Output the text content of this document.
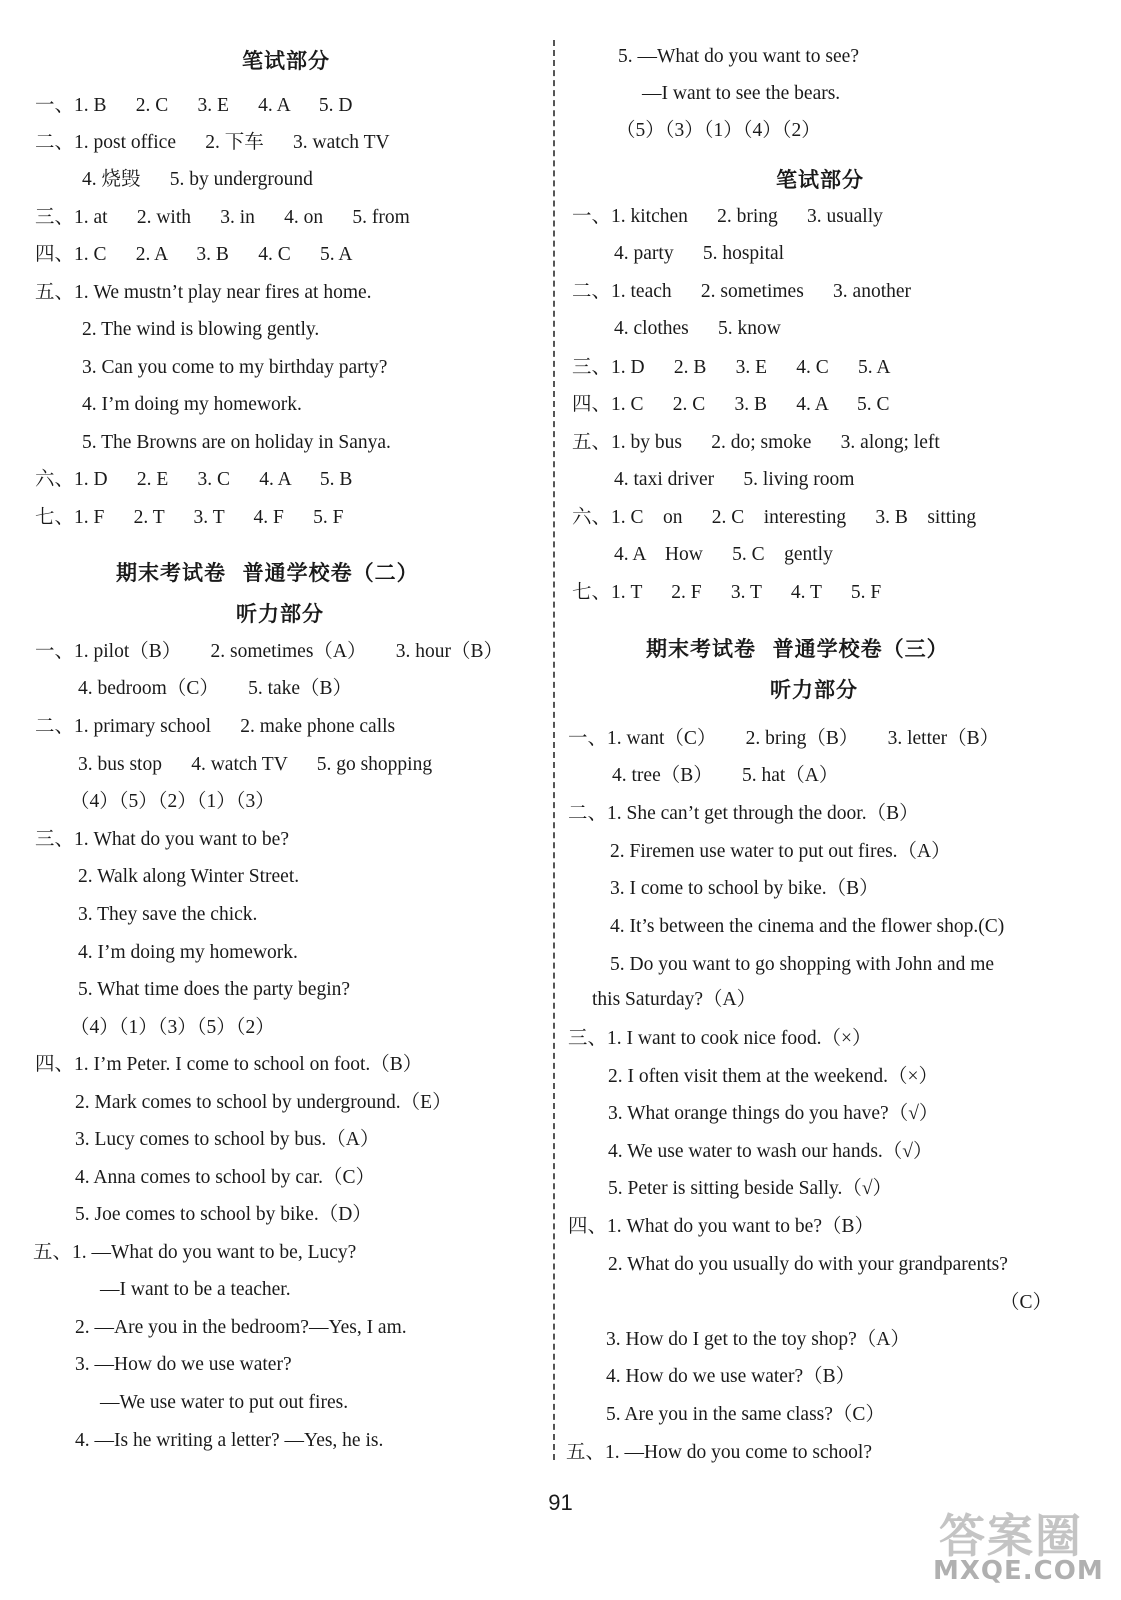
笔试部分
一、1. B      2. C      3. E      4. A      5. D
二、1. post office      2. 下车      3. watch TV
4. 烧毁      5. by underground
三、1. at      2. with      3. in      4. on      5. from
四、1. C      2. A      3. B      4. C      5. A
五、1. We mustn’t play near fires at home.
2. The wind is blowing gently.
3. Can you come to my birthday party?
4. I’m doing my homework.
5. The Browns are on holiday in Sanya.
六、1. D      2. E      3. C      4. A      5. B
七、1. F      2. T      3. T      4. F      5. F
期末考试卷  普通学校卷（二）
听力部分
一、1. pilot（B）      2. sometimes（A）      3. hour（B）
4. bedroom（C）      5. take（B）
二、1. primary school      2. make phone calls
3. bus stop      4. watch TV      5. go shopping
（4）（5）（2）（1）（3）
三、1. What do you want to be?
2. Walk along Winter Street.
3. They save the chick.
4. I’m doing my homework.
5. What time does the party begin?
（4）（1）（3）（5）（2）
四、1. I’m Peter. I come to school on foot.（B）
2. Mark comes to school by underground.（E）
3. Lucy comes to school by bus.（A）
4. Anna comes to school by car.（C）
5. Joe comes to school by bike.（D）
五、1. —What do you want to be, Lucy?
—I want to be a teacher.
2. —Are you in the bedroom?—Yes, I am.
3. —How do we use water?
—We use water to put out fires.
4. —Is he writing a letter? —Yes, he is.
5. —What do you want to see?
—I want to see the bears.
（5）（3）（1）（4）（2）
笔试部分
一、1. kitchen      2. bring      3. usually
4. party      5. hospital
二、1. teach      2. sometimes      3. another
4. clothes      5. know
三、1. D      2. B      3. E      4. C      5. A
四、1. C      2. C      3. B      4. A      5. C
五、1. by bus      2. do; smoke      3. along; left
4. taxi driver      5. living room
六、1. C    on      2. C    interesting      3. B    sitting
4. A    How      5. C    gently
七、1. T      2. F      3. T      4. T      5. F
期末考试卷  普通学校卷（三）
听力部分
一、1. want（C）      2. bring（B）      3. letter（B）
4. tree（B）      5. hat（A）
二、1. She can’t get through the door.（B）
2. Firemen use water to put out fires.（A）
3. I come to school by bike.（B）
4. It’s between the cinema and the flower shop.(C)
5. Do you want to go shopping with John and me
this Saturday?（A）
三、1. I want to cook nice food.（×）
2. I often visit them at the weekend.（×）
3. What orange things do you have?（√）
4. We use water to wash our hands.（√）
5. Peter is sitting beside Sally.（√）
四、1. What do you want to be?（B）
2. What do you usually do with your grandparents?
（C）
3. How do I get to the toy shop?（A）
4. How do we use water?（B）
5. Are you in the same class?（C）
五、1. —How do you come to school?
91
答案圈
MXQE.COM
